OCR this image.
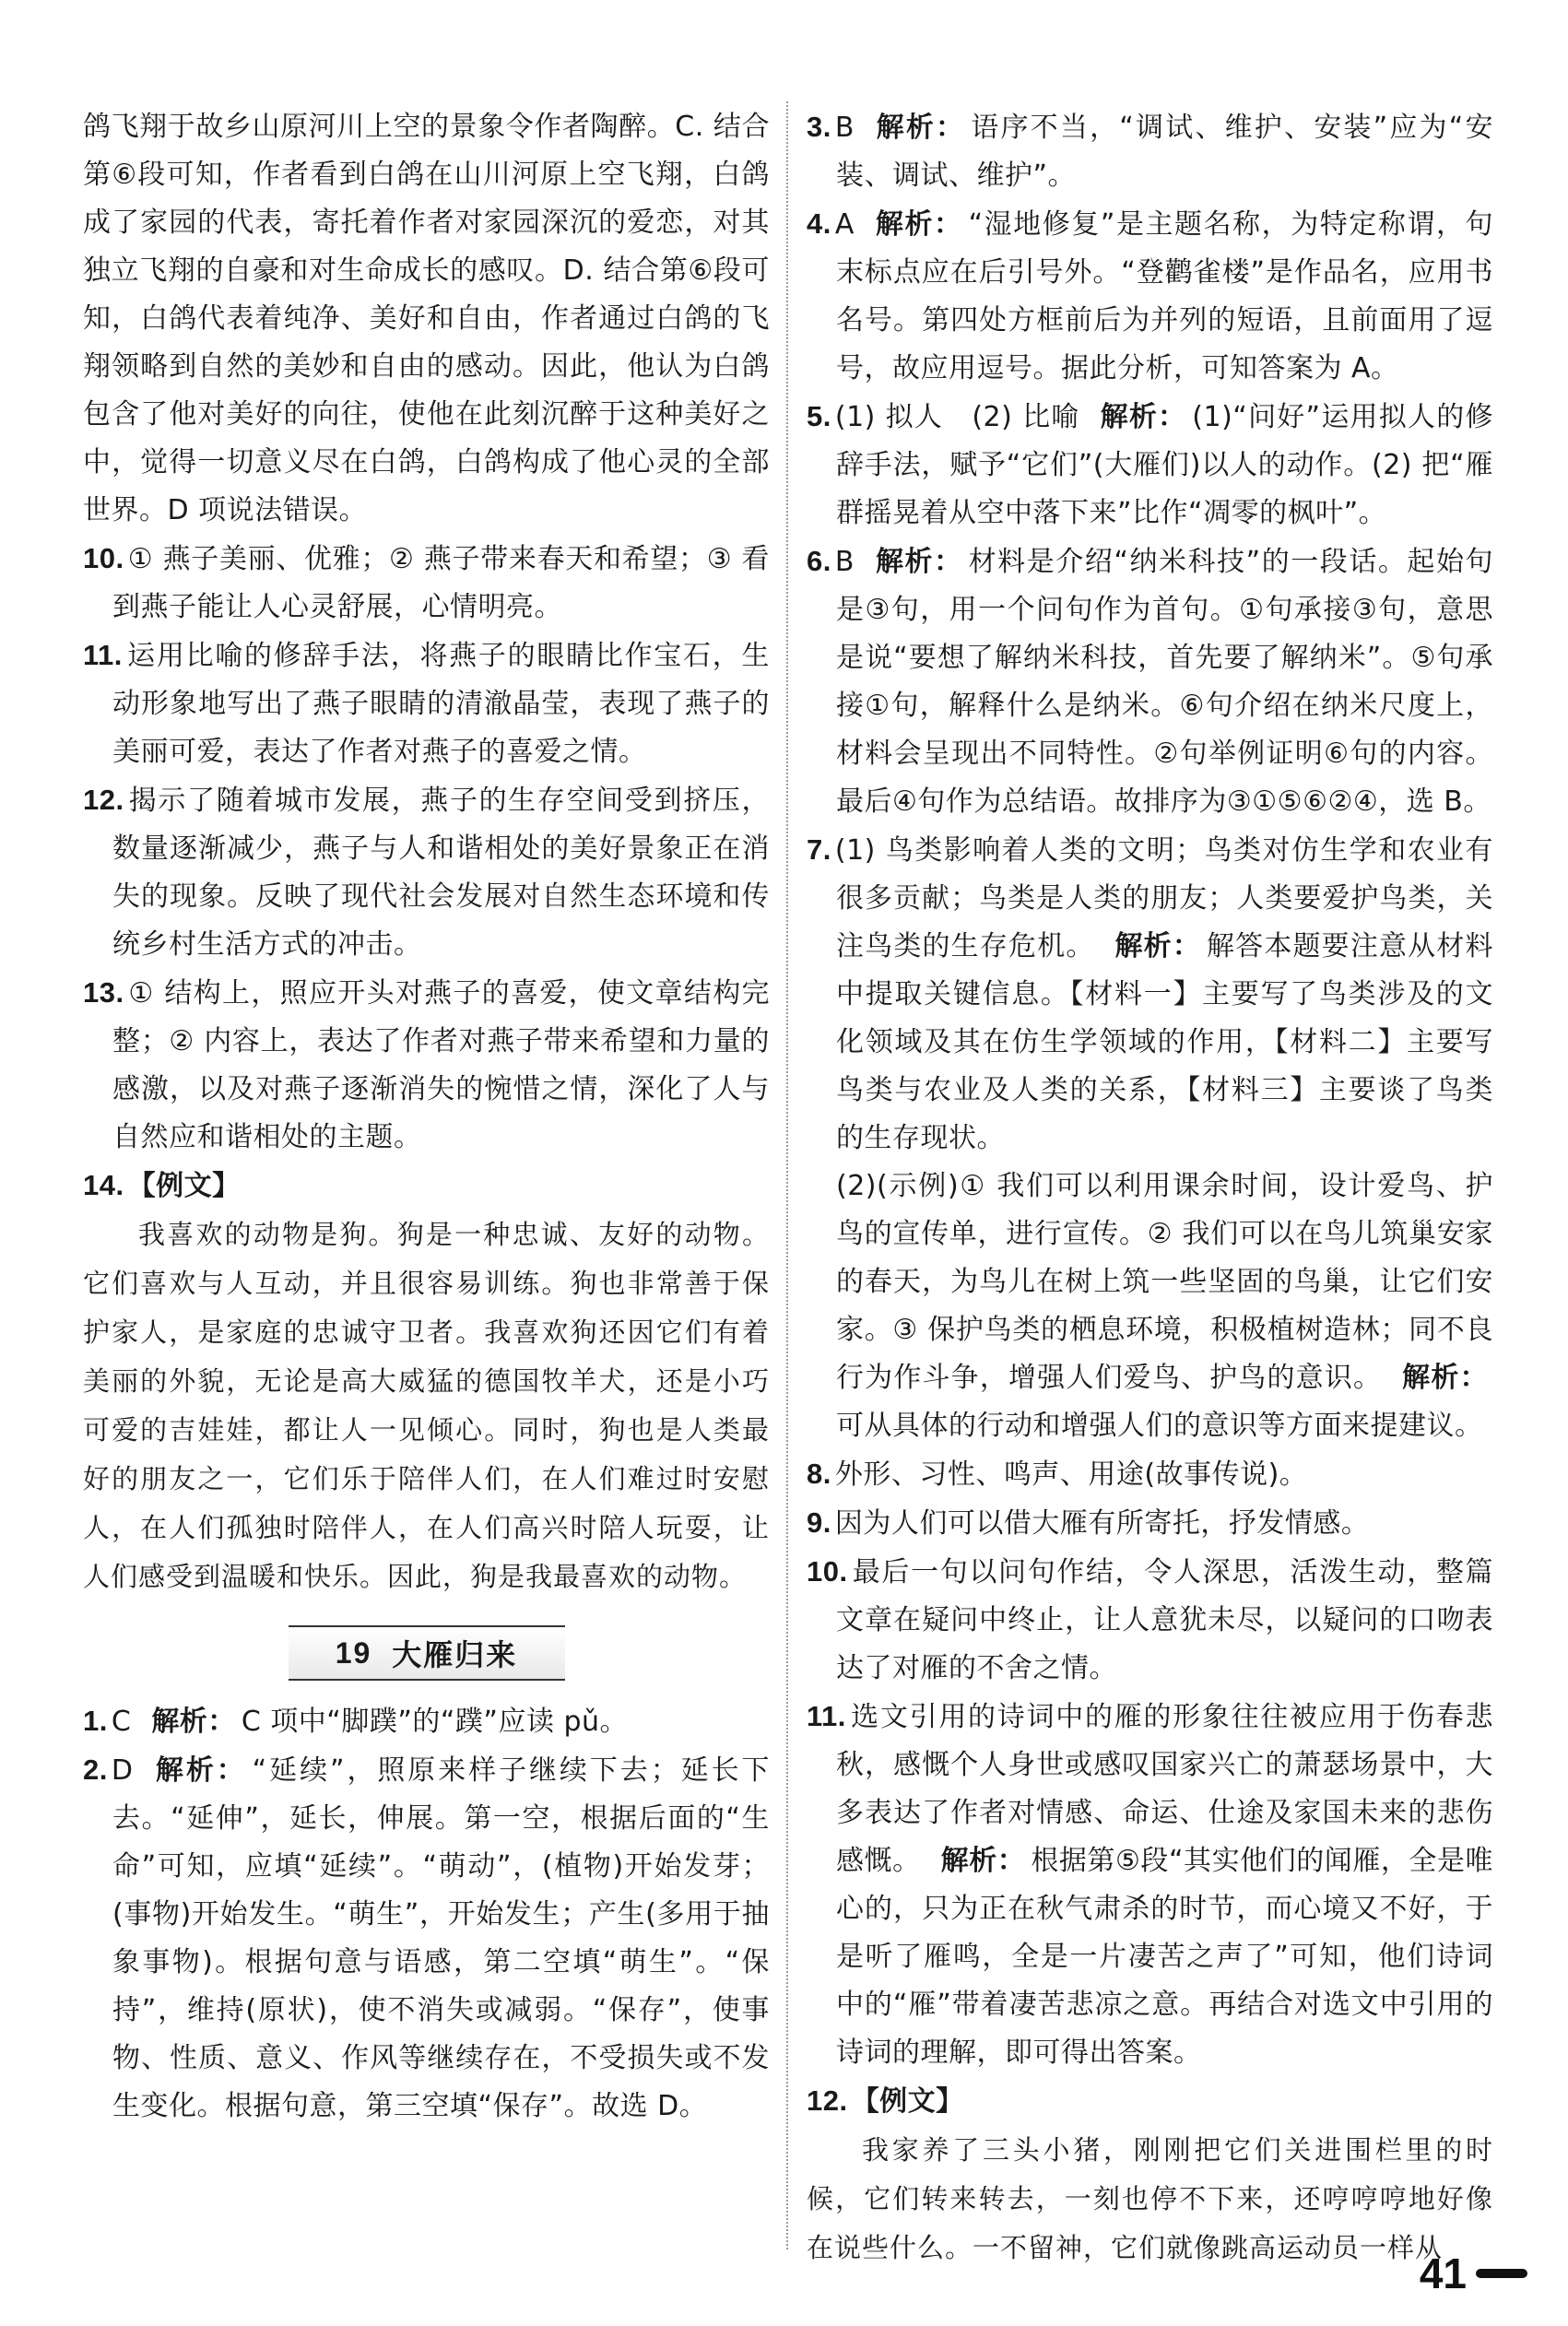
鸽飞翔于故乡山原河川上空的景象令作者陶醉。C. 结合第⑥段可知，作者看到白鸽在山川河原上空飞翔，白鸽成了家园的代表，寄托着作者对家园深沉的爱恋，对其独立飞翔的自豪和对生命成长的感叹。D. 结合第⑥段可知，白鸽代表着纯净、美好和自由，作者通过白鸽的飞翔领略到自然的美妙和自由的感动。因此，他认为白鸽包含了他对美好的向往，使他在此刻沉醉于这种美好之中，觉得一切意义尽在白鸽，白鸽构成了他心灵的全部世界。D 项说法错误。

10. ① 燕子美丽、优雅；② 燕子带来春天和希望；③ 看到燕子能让人心灵舒展，心情明亮。

11. 运用比喻的修辞手法，将燕子的眼睛比作宝石，生动形象地写出了燕子眼睛的清澈晶莹，表现了燕子的美丽可爱，表达了作者对燕子的喜爱之情。

12. 揭示了随着城市发展，燕子的生存空间受到挤压，数量逐渐减少，燕子与人和谐相处的美好景象正在消失的现象。反映了现代社会发展对自然生态环境和传统乡村生活方式的冲击。

13. ① 结构上，照应开头对燕子的喜爱，使文章结构完整；② 内容上，表达了作者对燕子带来希望和力量的感激，以及对燕子逐渐消失的惋惜之情，深化了人与自然应和谐相处的主题。

14. 【例文】

我喜欢的动物是狗。狗是一种忠诚、友好的动物。它们喜欢与人互动，并且很容易训练。狗也非常善于保护家人，是家庭的忠诚守卫者。我喜欢狗还因它们有着美丽的外貌，无论是高大威猛的德国牧羊犬，还是小巧可爱的吉娃娃，都让人一见倾心。同时，狗也是人类最好的朋友之一，它们乐于陪伴人们，在人们难过时安慰人，在人们孤独时陪伴人，在人们高兴时陪人玩耍，让人们感受到温暖和快乐。因此，狗是我最喜欢的动物。

19 大雁归来

1. C 解析： C 项中“脚蹼”的“蹼”应读 pǔ。

2. D 解析： “延续”，照原来样子继续下去；延长下去。“延伸”，延长，伸展。第一空，根据后面的“生命”可知，应填“延续”。“萌动”，(植物)开始发芽；(事物)开始发生。“萌生”，开始发生；产生(多用于抽象事物)。根据句意与语感，第二空填“萌生”。“保持”，维持(原状)，使不消失或减弱。“保存”，使事物、性质、意义、作风等继续存在，不受损失或不发生变化。根据句意，第三空填“保存”。故选 D。

3. B 解析： 语序不当，“调试、维护、安装”应为“安装、调试、维护”。

4. A 解析： “湿地修复”是主题名称，为特定称谓，句末标点应在后引号外。“登鹳雀楼”是作品名，应用书名号。第四处方框前后为并列的短语，且前面用了逗号，故应用逗号。据此分析，可知答案为 A。

5. (1) 拟人　(2) 比喻 解析： (1)“问好”运用拟人的修辞手法，赋予“它们”(大雁们)以人的动作。(2) 把“雁群摇晃着从空中落下来”比作“凋零的枫叶”。

6. B 解析： 材料是介绍“纳米科技”的一段话。起始句是③句，用一个问句作为首句。①句承接③句，意思是说“要想了解纳米科技，首先要了解纳米”。⑤句承接①句，解释什么是纳米。⑥句介绍在纳米尺度上，材料会呈现出不同特性。②句举例证明⑥句的内容。最后④句作为总结语。故排序为③①⑤⑥②④，选 B。

7. (1) 鸟类影响着人类的文明；鸟类对仿生学和农业有很多贡献；鸟类是人类的朋友；人类要爱护鸟类，关注鸟类的生存危机。 解析： 解答本题要注意从材料中提取关键信息。【材料一】主要写了鸟类涉及的文化领域及其在仿生学领域的作用，【材料二】主要写鸟类与农业及人类的关系，【材料三】主要谈了鸟类的生存现状。

(2)(示例)① 我们可以利用课余时间，设计爱鸟、护鸟的宣传单，进行宣传。② 我们可以在鸟儿筑巢安家的春天，为鸟儿在树上筑一些坚固的鸟巢，让它们安家。③ 保护鸟类的栖息环境，积极植树造林；同不良行为作斗争，增强人们爱鸟、护鸟的意识。 解析：可从具体的行动和增强人们的意识等方面来提建议。

8. 外形、习性、鸣声、用途(故事传说)。

9. 因为人们可以借大雁有所寄托，抒发情感。

10. 最后一句以问句作结，令人深思，活泼生动，整篇文章在疑问中终止，让人意犹未尽，以疑问的口吻表达了对雁的不舍之情。

11. 选文引用的诗词中的雁的形象往往被应用于伤春悲秋，感慨个人身世或感叹国家兴亡的萧瑟场景中，大多表达了作者对情感、命运、仕途及家国未来的悲伤感慨。 解析： 根据第⑤段“其实他们的闻雁，全是唯心的，只为正在秋气肃杀的时节，而心境又不好，于是听了雁鸣，全是一片凄苦之声了”可知，他们诗词中的“雁”带着凄苦悲凉之意。再结合对选文中引用的诗词的理解，即可得出答案。

12. 【例文】

我家养了三头小猪，刚刚把它们关进围栏里的时候，它们转来转去，一刻也停不下来，还哼哼哼地好像在说些什么。一不留神，它们就像跳高运动员一样从

41
